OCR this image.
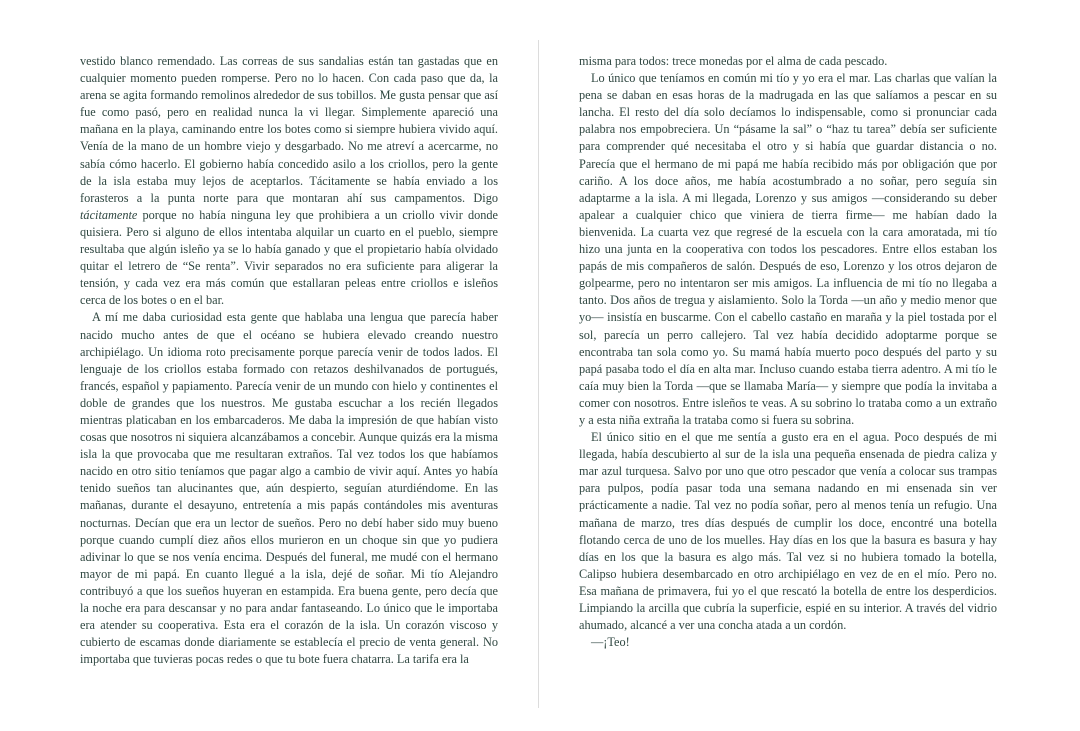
vestido blanco remendado. Las correas de sus sandalias están tan gastadas que en cualquier momento pueden romperse. Pero no lo hacen. Con cada paso que da, la arena se agita formando remolinos alrededor de sus tobillos. Me gusta pensar que así fue como pasó, pero en realidad nunca la vi llegar. Simplemente apareció una mañana en la playa, caminando entre los botes como si siempre hubiera vivido aquí. Venía de la mano de un hombre viejo y desgarbado. No me atreví a acercarme, no sabía cómo hacerlo. El gobierno había concedido asilo a los criollos, pero la gente de la isla estaba muy lejos de aceptarlos. Tácitamente se había enviado a los forasteros a la punta norte para que montaran ahí sus campamentos. Digo tácitamente porque no había ninguna ley que prohibiera a un criollo vivir donde quisiera. Pero si alguno de ellos intentaba alquilar un cuarto en el pueblo, siempre resultaba que algún isleño ya se lo había ganado y que el propietario había olvidado quitar el letrero de “Se renta”. Vivir separados no era suficiente para aligerar la tensión, y cada vez era más común que estallaran peleas entre criollos e isleños cerca de los botes o en el bar.

A mí me daba curiosidad esta gente que hablaba una lengua que parecía haber nacido mucho antes de que el océano se hubiera elevado creando nuestro archipiélago. Un idioma roto precisamente porque parecía venir de todos lados. El lenguaje de los criollos estaba formado con retazos deshilvanados de portugués, francés, español y papiamento. Parecía venir de un mundo con hielo y continentes el doble de grandes que los nuestros. Me gustaba escuchar a los recién llegados mientras platicaban en los embarcaderos. Me daba la impresión de que habían visto cosas que nosotros ni siquiera alcanzábamos a concebir. Aunque quizás era la misma isla la que provocaba que me resultaran extraños. Tal vez todos los que habíamos nacido en otro sitio teníamos que pagar algo a cambio de vivir aquí. Antes yo había tenido sueños tan alucinantes que, aún despierto, seguían aturdiéndome. En las mañanas, durante el desayuno, entretenía a mis papás contándoles mis aventuras nocturnas. Decían que era un lector de sueños. Pero no debí haber sido muy bueno porque cuando cumplí diez años ellos murieron en un choque sin que yo pudiera adivinar lo que se nos venía encima. Después del funeral, me mudé con el hermano mayor de mi papá. En cuanto llegué a la isla, dejé de soñar. Mi tío Alejandro contribuyó a que los sueños huyeran en estampida. Era buena gente, pero decía que la noche era para descansar y no para andar fantaseando. Lo único que le importaba era atender su cooperativa. Esta era el corazón de la isla. Un corazón viscoso y cubierto de escamas donde diariamente se establecía el precio de venta general. No importaba que tuvieras pocas redes o que tu bote fuera chatarra. La tarifa era la

misma para todos: trece monedas por el alma de cada pescado.

Lo único que teníamos en común mi tío y yo era el mar. Las charlas que valían la pena se daban en esas horas de la madrugada en las que salíamos a pescar en su lancha. El resto del día solo decíamos lo indispensable, como si pronunciar cada palabra nos empobreciera. Un “pásame la sal” o “haz tu tarea” debía ser suficiente para comprender qué necesitaba el otro y si había que guardar distancia o no. Parecía que el hermano de mi papá me había recibido más por obligación que por cariño. A los doce años, me había acostumbrado a no soñar, pero seguía sin adaptarme a la isla. A mi llegada, Lorenzo y sus amigos —considerando su deber apalear a cualquier chico que viniera de tierra firme— me habían dado la bienvenida. La cuarta vez que regresé de la escuela con la cara amoratada, mi tío hizo una junta en la cooperativa con todos los pescadores. Entre ellos estaban los papás de mis compañeros de salón. Después de eso, Lorenzo y los otros dejaron de golpearme, pero no intentaron ser mis amigos. La influencia de mi tío no llegaba a tanto. Dos años de tregua y aislamiento. Solo la Torda —un año y medio menor que yo— insistía en buscarme. Con el cabello castaño en maraña y la piel tostada por el sol, parecía un perro callejero. Tal vez había decidido adoptarme porque se encontraba tan sola como yo. Su mamá había muerto poco después del parto y su papá pasaba todo el día en alta mar. Incluso cuando estaba tierra adentro. A mi tío le caía muy bien la Torda —que se llamaba María— y siempre que podía la invitaba a comer con nosotros. Entre isleños te veas. A su sobrino lo trataba como a un extraño y a esta niña extraña la trataba como si fuera su sobrina.

El único sitio en el que me sentía a gusto era en el agua. Poco después de mi llegada, había descubierto al sur de la isla una pequeña ensenada de piedra caliza y mar azul turquesa. Salvo por uno que otro pescador que venía a colocar sus trampas para pulpos, podía pasar toda una semana nadando en mi ensenada sin ver prácticamente a nadie. Tal vez no podía soñar, pero al menos tenía un refugio. Una mañana de marzo, tres días después de cumplir los doce, encontré una botella flotando cerca de uno de los muelles. Hay días en los que la basura es basura y hay días en los que la basura es algo más. Tal vez si no hubiera tomado la botella, Calipso hubiera desembarcado en otro archipiélago en vez de en el mío. Pero no. Esa mañana de primavera, fui yo el que rescató la botella de entre los desperdicios. Limpiando la arcilla que cubría la superficie, espié en su interior. A través del vidrio ahumado, alcancé a ver una concha atada a un cordón.

—¡Teo!
